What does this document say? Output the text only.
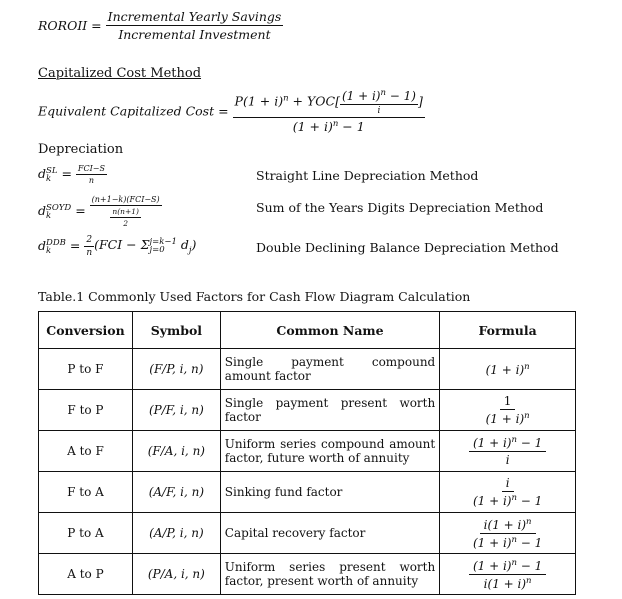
ROROII = $\frac{\text{Incremental Yearly Savings}}{\text{Incremental Investment}}$
Capitalized Cost Method
Equivalent Capitalized Cost = $\frac{P(1 + i)^n + YOC[ \frac{(1 + i)^n - 1)}{i} ]}{(1 + i)^n - 1}$
Depreciation
d SL
$k = \frac{\text{FCI−S}}{n}$	Straight Line Depreciation Method
d SOYD
k	= $\frac{\text{(n+1−k)(FCI−S)}}{\frac{n(n+1)}{2}}$	Sum of the Years Digits Depreciation Method
d DDB
k	= $\frac{2}{n} (FCI - \Sigma$ j=k−1
j=0 $d_j$)	Double Declining Balance Depreciation Method
Table.1 Commonly Used Factors for Cash Flow Diagram Calculation
Conversion	Symbol	Common Name	Formula
P to F	(F/P, i, n)	Single payment compound amount factor	$(1 + i)^n$
F to P	(P/F, i, n)	Single payment present worth factor	$\frac{1}{(1 + i)^n}$

A to F	(F/A, i, n)	Uniform series compound amount factor, future worth of annuity	$\frac{(1 + i)^n - 1}{i}$

F to A	(A/F, i, n)	Sinking fund factor	$\frac{i}{(1 + i)^n - 1}$

P to A	(A/P, i, n)	Capital recovery factor	$\frac{i(1 + i)^n}{(1 + i)^n - 1}$

A to P	(P/A, i, n)	Uniform series present worth factor, present worth of annuity	$\frac{(1 + i)^n - 1}{i(1 + i)^n}$
